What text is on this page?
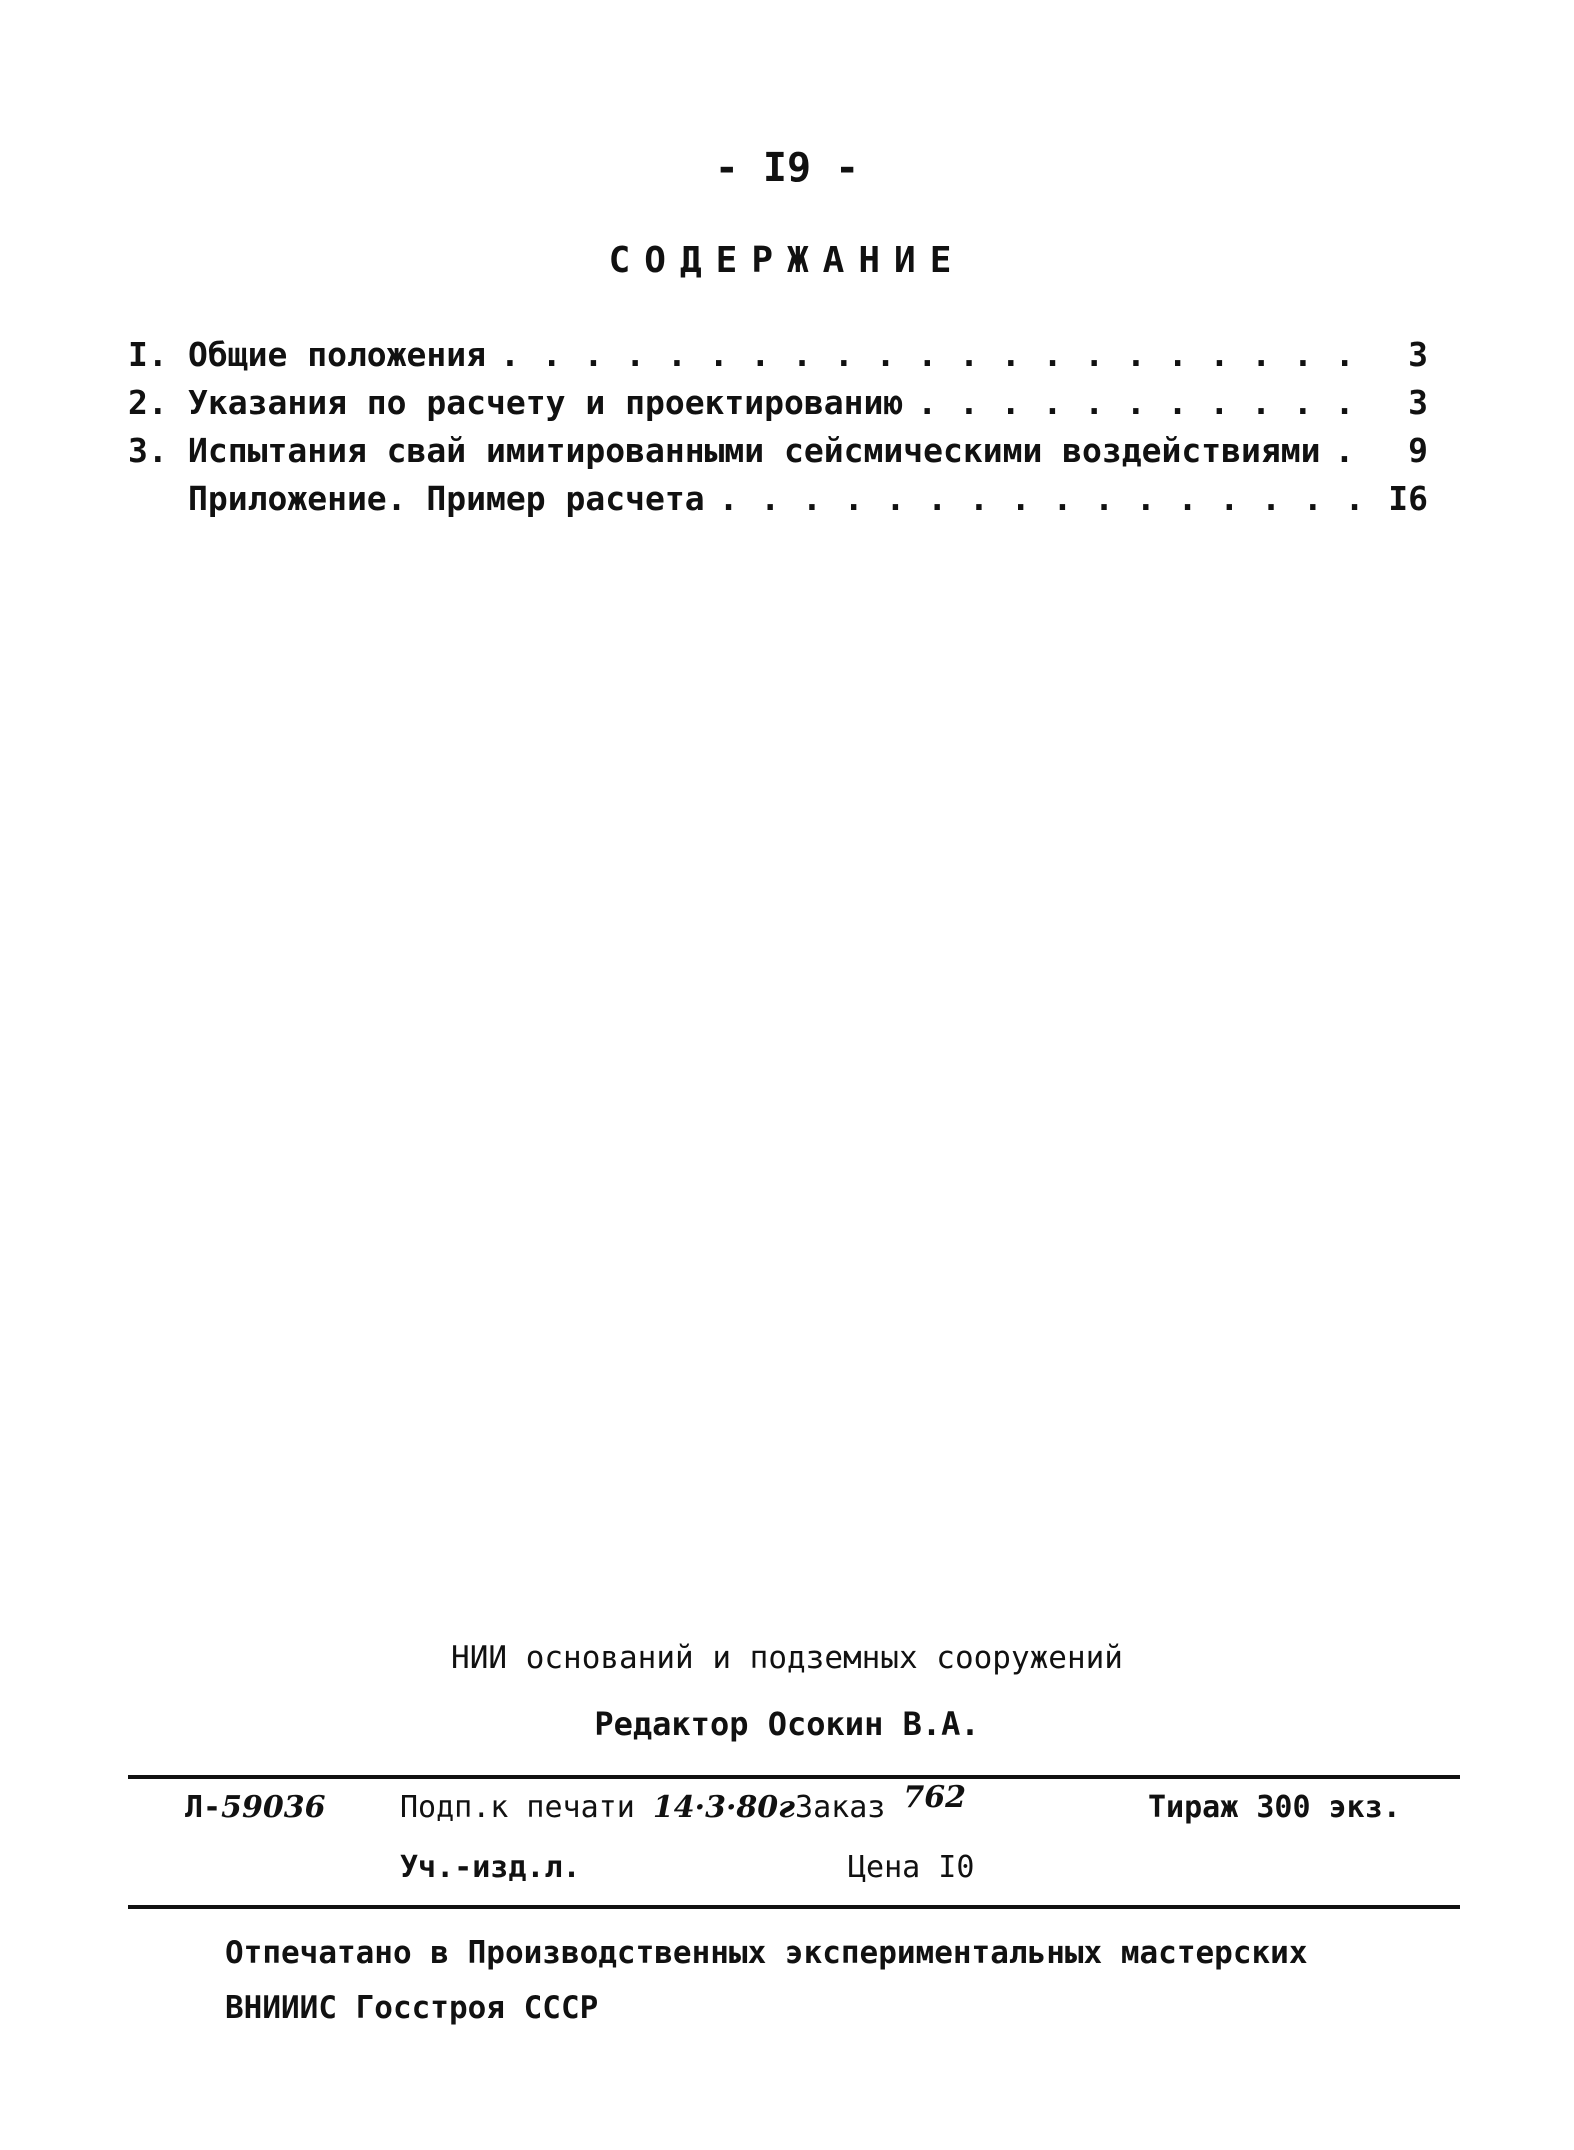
- I9 -
СОДЕРЖАНИЕ
I. Общие положения . . .	3
2. Указания по расчету и проектированию . . .	3
3. Испытания свай имитированными сейсмическими воздействиями . . .	9
Приложение. Пример расчета . . .	I6
НИИ оснований и подземных сооружений
Редактор Осокин В.А.
Л-59036 Подп.к печати 14·3·80гЗаказ 762	Тираж 300 экз.
Уч.-изд.л.	Цена I0
Отпечатано в Производственных экспериментальных мастерских
ВНИИИС Госстроя СССР
